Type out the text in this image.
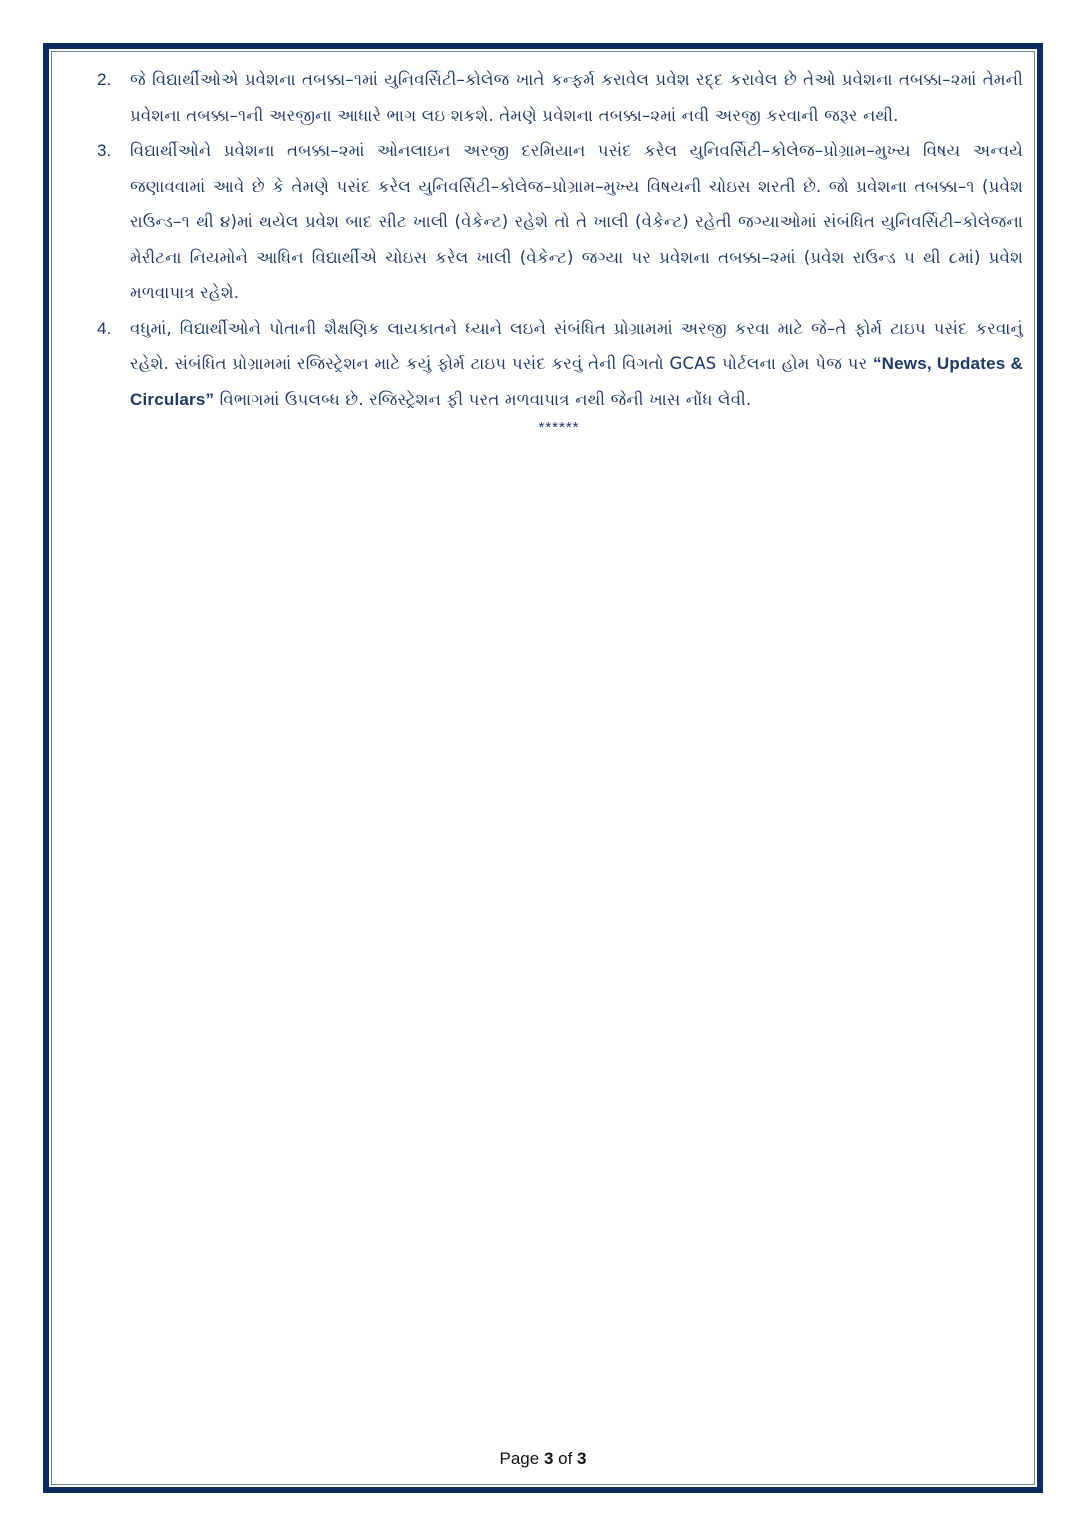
2. જે વિદ્યાર્થીઓએ પ્રવેશના તબક્કા–૧માં યુનિવર્સિટી–કોલેજ ખાતે કન્ફર્મ કરાવેલ પ્રવેશ રદ્દ કરાવેલ છે તેઓ પ્રવેશના તબક્કા–૨માં તેમની પ્રવેશના તબક્કા–૧ની અરજીના આધારે ભાગ લઇ શકશે. તેમણે પ્રવેશના તબક્કા–૨માં નવી અરજી કરવાની જરૂર નથી.
3. વિદ્યાર્થીઓને પ્રવેશના તબક્કા–૨માં ઓનલાઇન અરજી દરમિયાન પસંદ કરેલ યુનિવર્સિટી–કોલેજ–પ્રોગ્રામ–મુખ્ય વિષય અન્વયે જણાવવામાં આવે છે કે તેમણે પસંદ કરેલ યુનિવર્સિટી–કોલેજ–પ્રોગ્રામ–મુખ્ય વિષયની ચોઇસ શરતી છે. જો પ્રવેશના તબક્કા–૧ (પ્રવેશ રાઉન્ડ–૧ થી ૪)માં થયેલ પ્રવેશ બાદ સીટ ખાલી (વેકેન્ટ) રહેશે તો તે ખાલી (વેકેન્ટ) રહેતી જગ્યાઓમાં સંબંધિત યુનિવર્સિટી–કોલેજના મેરીટના નિયમોને આધિન વિદ્યાર્થીએ ચોઇસ કરેલ ખાલી (વેકેન્ટ) જગ્યા પર પ્રવેશના તબક્કા–૨માં (પ્રવેશ રાઉન્ડ ૫ થી ૮માં) પ્રવેશ મળવાપાત્ર રહેશે.
4. વધુમાં, વિદ્યાર્થીઓને પોતાની શૈક્ષણિક લાયકાતને ધ્યાને લઇને સંબંધિત પ્રોગ્રામમાં અરજી કરવા માટે જે–તે ફોર્મ ટાઇપ પસંદ કરવાનું રહેશે. સંબંધિત પ્રોગ્રામમાં રજિસ્ટ્રેશન માટે કયું ફોર્મ ટાઇપ પસંદ કરવું તેની વિગતો GCAS પોર્ટલના હોમ પેજ પર “News, Updates & Circulars” વિભાગમાં ઉપલબ્ધ છે. રજિસ્ટ્રેશન ફી પરત મળવાપાત્ર નથી જેની ખાસ નોંધ લેવી.
******
Page 3 of 3
